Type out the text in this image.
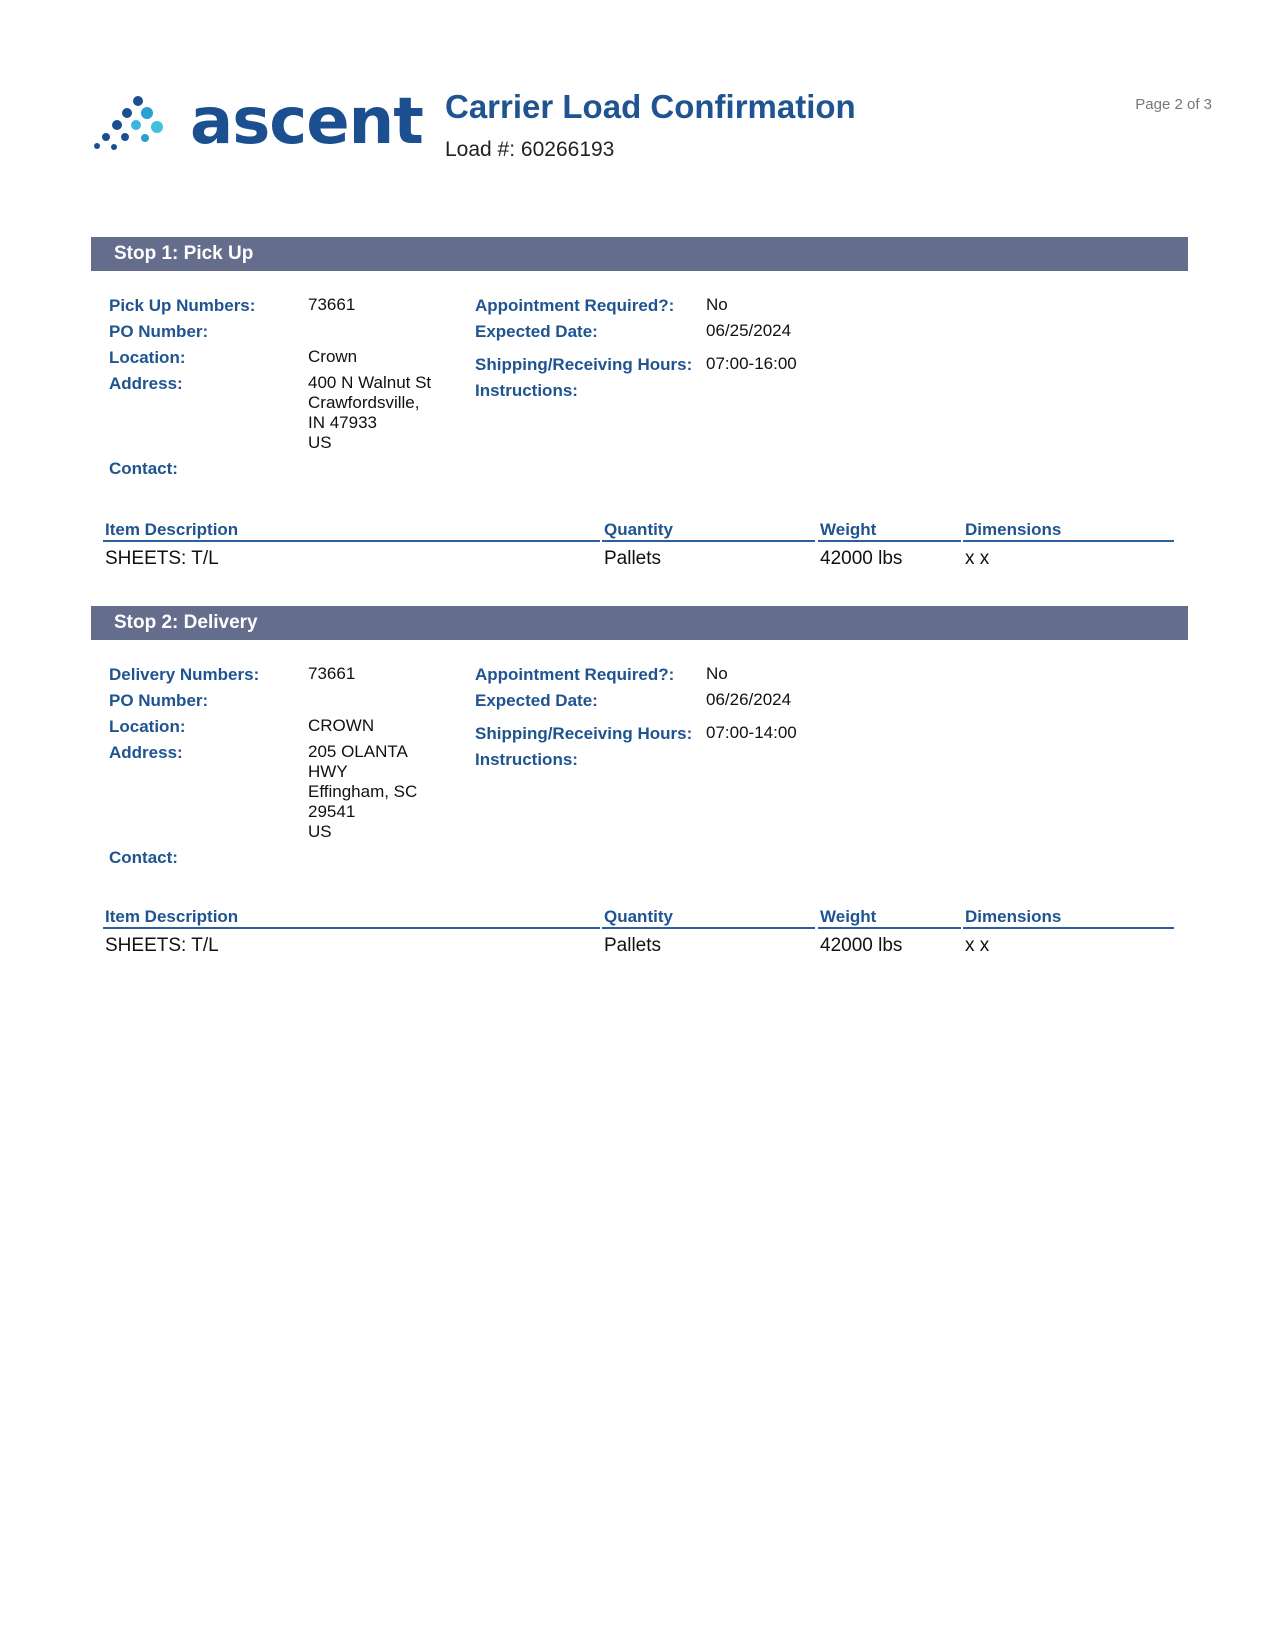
ascent Carrier Load Confirmation
Load #: 60266193
Page 2 of 3
Stop 1: Pick Up
Pick Up Numbers:	73661
PO Number:
Location:	Crown
Address:	400 N Walnut St
Crawfordsville,
IN 47933
US
Contact:
Appointment Required?: No
Expected Date:	06/25/2024
Shipping/Receiving Hours: 07:00-16:00
Instructions:
Item Description	Quantity	Weight	Dimensions
SHEETS: T/L	Pallets	42000 lbs	x x
Stop 2: Delivery
Delivery Numbers:	73661
PO Number:
Location:	CROWN
Address:	205 OLANTA
HWY
Effingham, SC
29541
US
Contact:
Appointment Required?: No
Expected Date:	06/26/2024
Shipping/Receiving Hours: 07:00-14:00
Instructions:
Item Description	Quantity	Weight	Dimensions
SHEETS: T/L	Pallets	42000 lbs	x x
